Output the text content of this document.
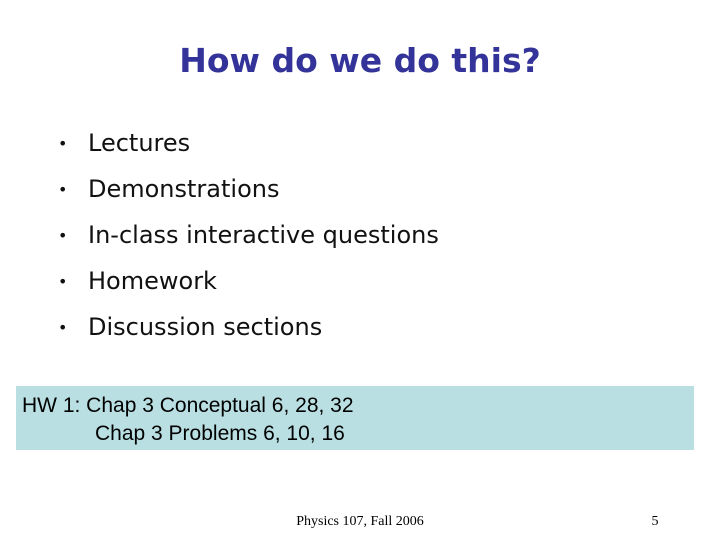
How do we do this?
• Lectures
• Demonstrations
• In-class interactive questions
• Homework
• Discussion sections
HW 1: Chap 3 Conceptual 6, 28, 32
Chap 3 Problems 6, 10, 16
Physics 107, Fall 2006	5
